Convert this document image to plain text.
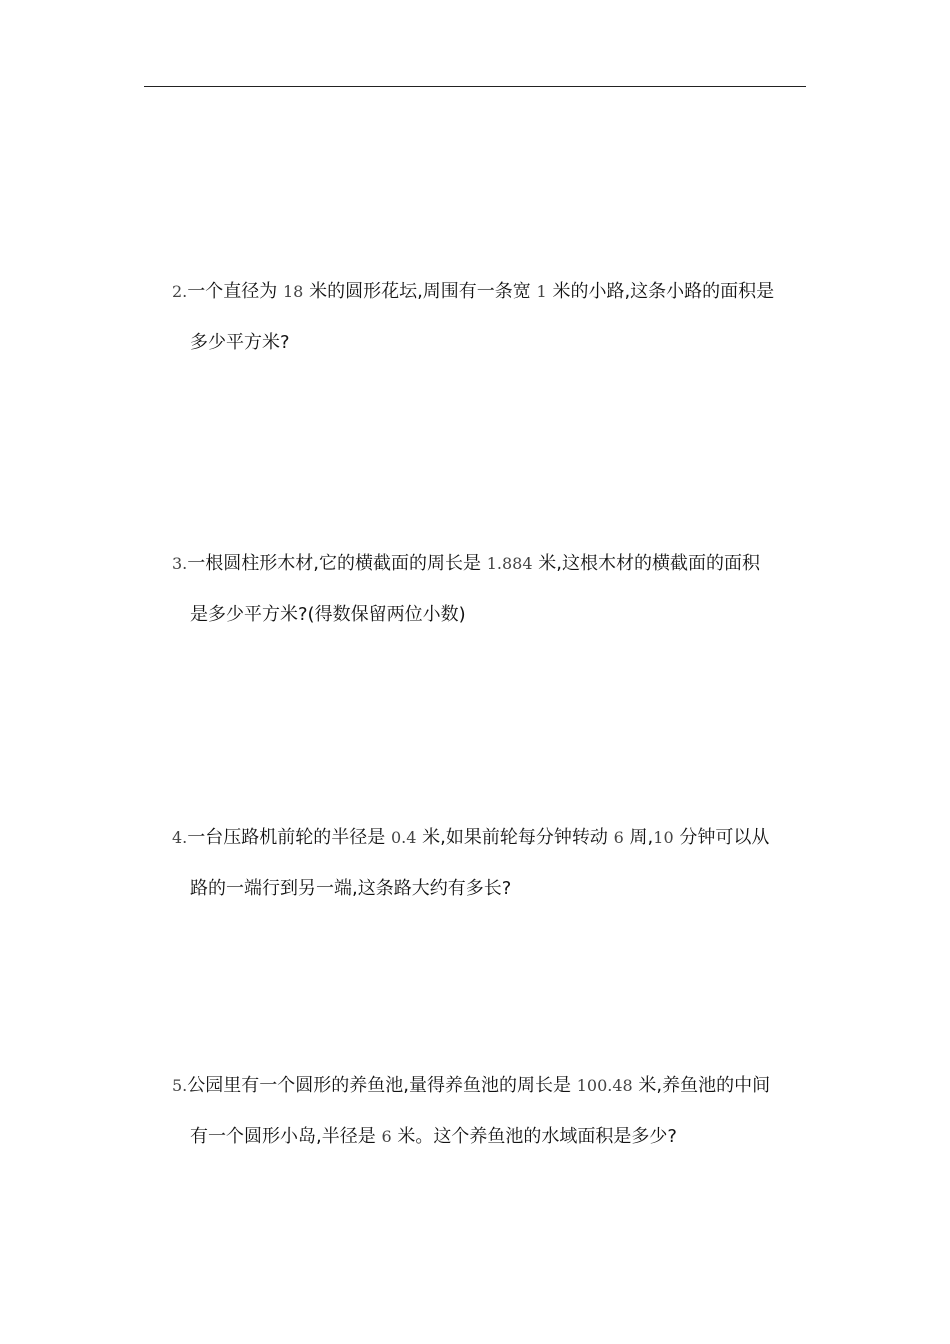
2.一个直径为 18 米的圆形花坛,周围有一条宽 1 米的小路,这条小路的面积是
多少平方米?
3.一根圆柱形木材,它的横截面的周长是 1.884 米,这根木材的横截面的面积
是多少平方米?(得数保留两位小数)
4.一台压路机前轮的半径是 0.4 米,如果前轮每分钟转动 6 周,10 分钟可以从
路的一端行到另一端,这条路大约有多长?
5.公园里有一个圆形的养鱼池,量得养鱼池的周长是 100.48 米,养鱼池的中间
有一个圆形小岛,半径是 6 米。这个养鱼池的水域面积是多少?
